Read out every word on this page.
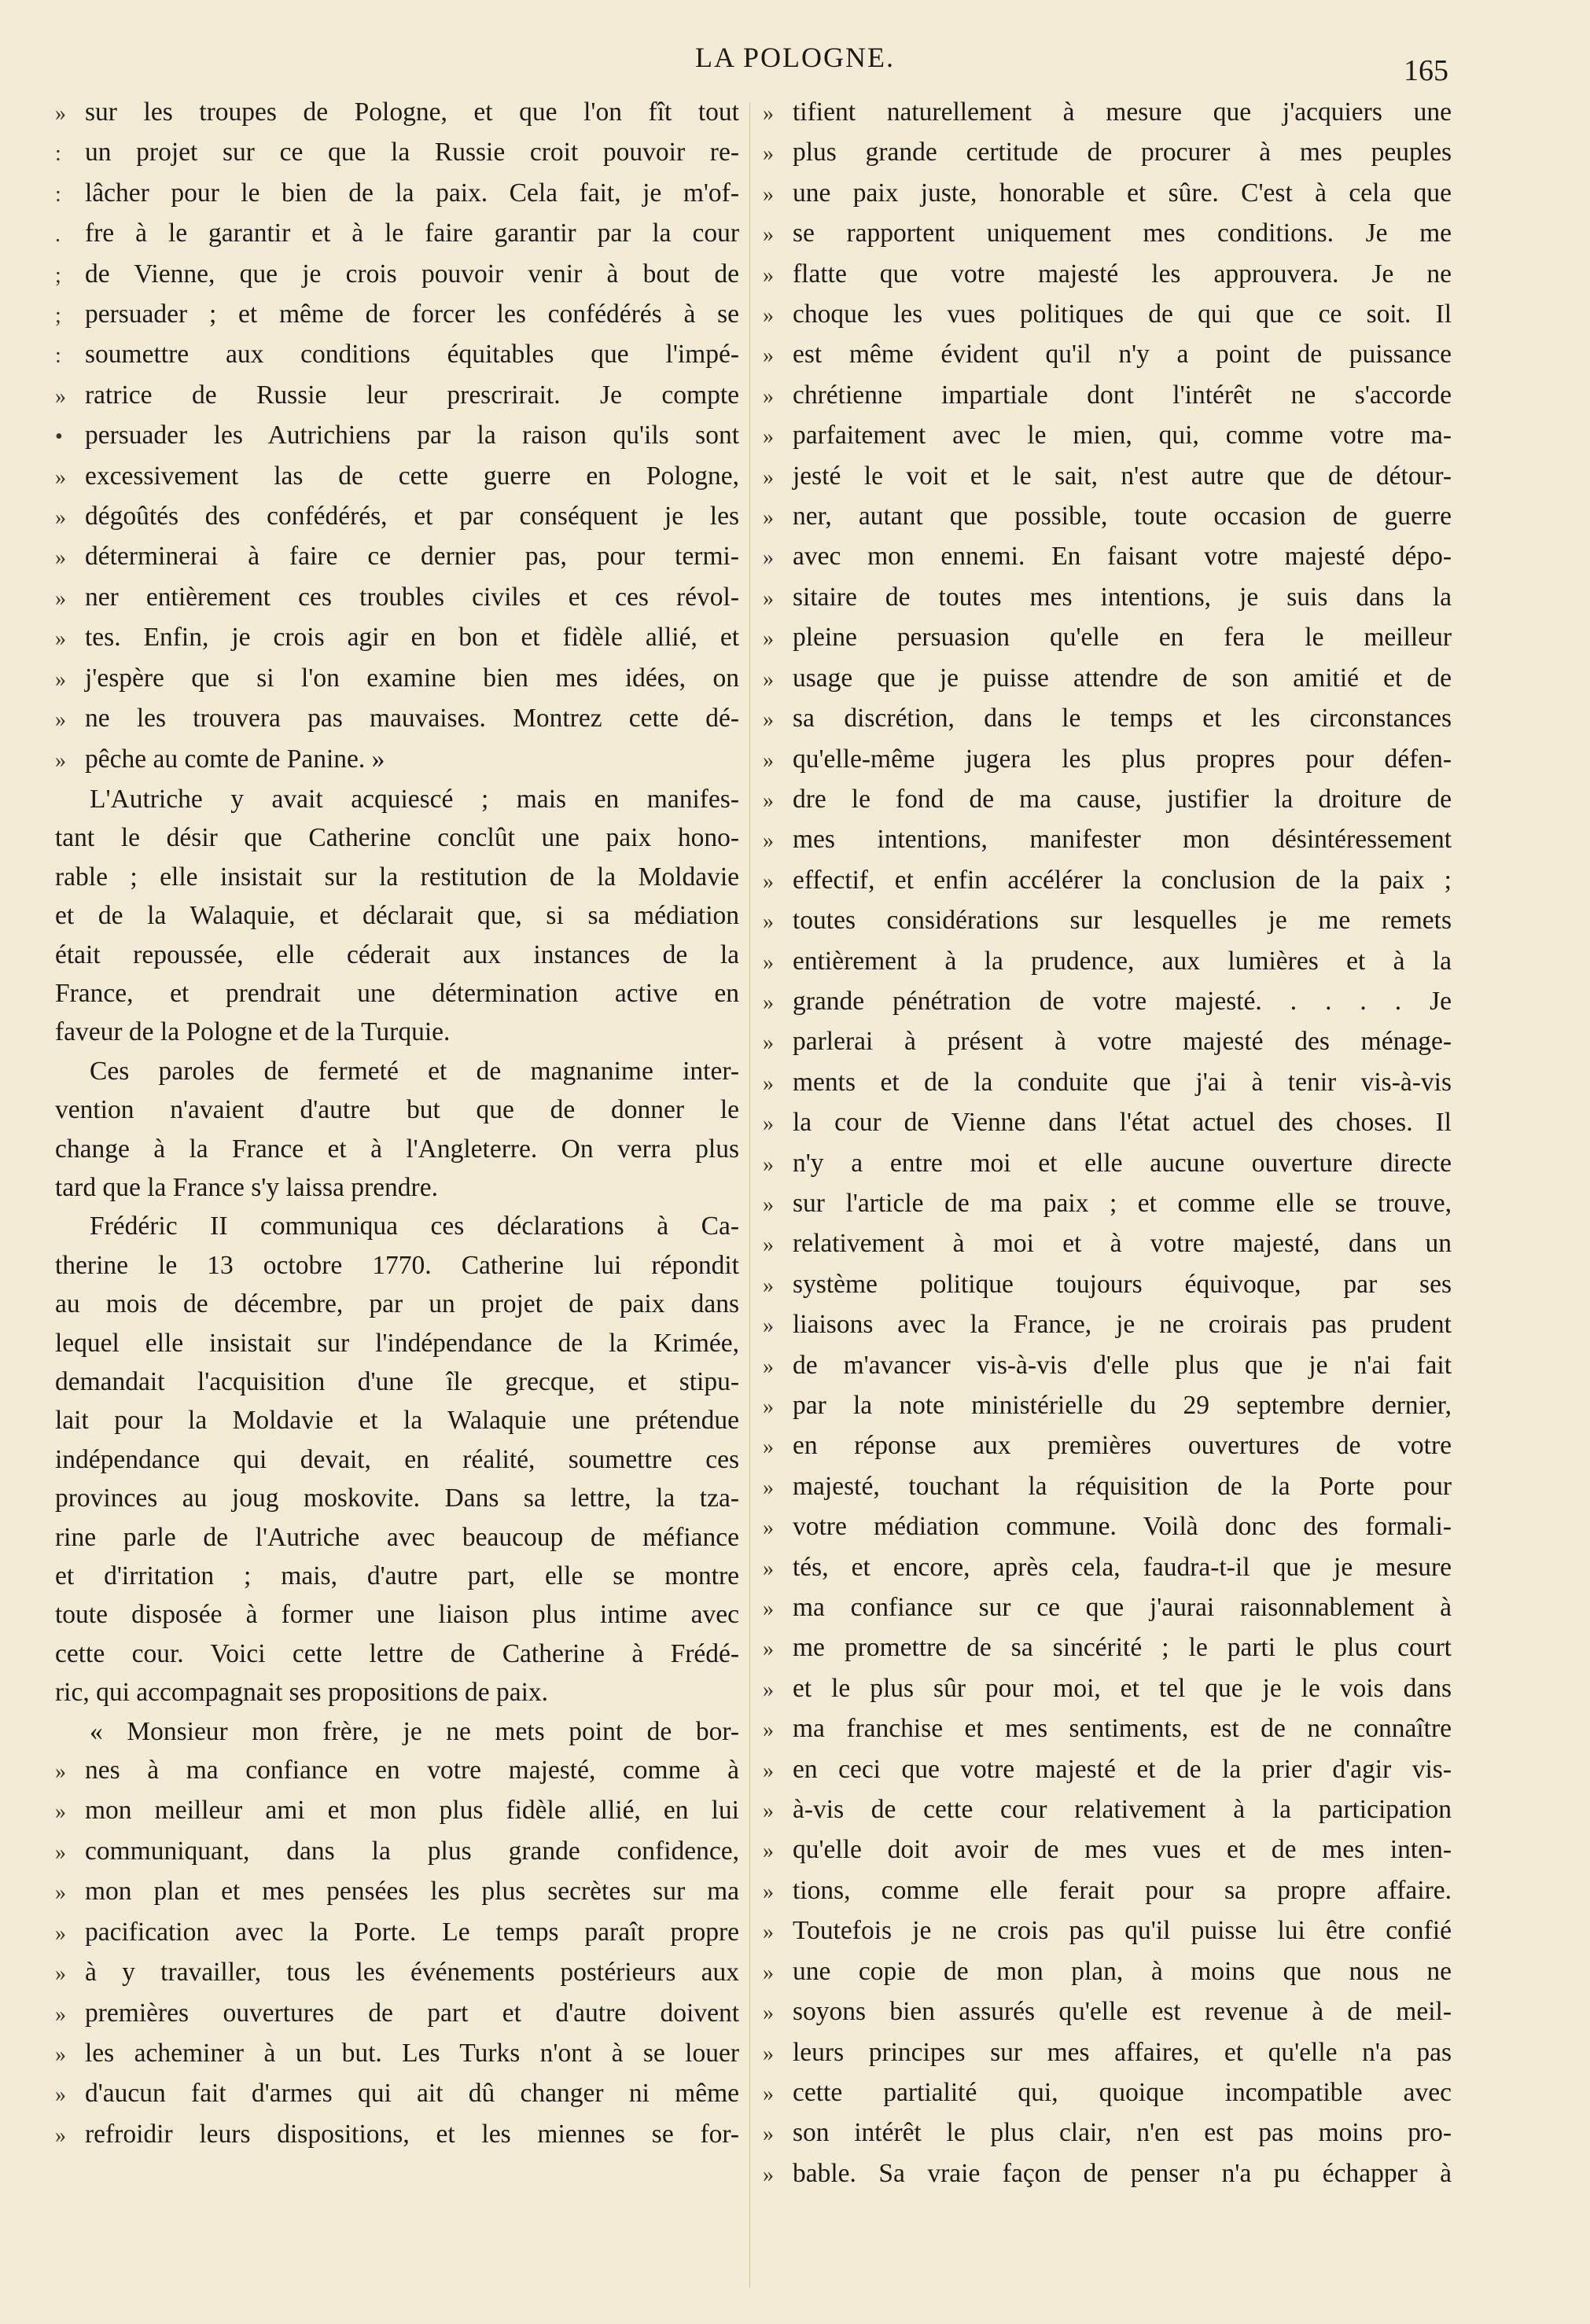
LA POLOGNE.	165
» sur les troupes de Pologne, et que l'on fît tout
: un projet sur ce que la Russie croit pouvoir re-
: lâcher pour le bien de la paix. Cela fait, je m'of-
. fre à le garantir et à le faire garantir par la cour
; de Vienne, que je crois pouvoir venir à bout de
; persuader ; et même de forcer les confédérés à se
: soumettre aux conditions équitables que l'impé-
» ratrice de Russie leur prescrirait. Je compte
• persuader les Autrichiens par la raison qu'ils sont
» excessivement las de cette guerre en Pologne,
» dégoûtés des confédérés, et par conséquent je les
» déterminerai à faire ce dernier pas, pour termi-
» ner entièrement ces troubles civiles et ces révol-
» tes. Enfin, je crois agir en bon et fidèle allié, et
» j'espère que si l'on examine bien mes idées, on
» ne les trouvera pas mauvaises. Montrez cette dé-
» pêche au comte de Panine. »
L'Autriche y avait acquiescé ; mais en manifes-
tant le désir que Catherine conclût une paix hono-
rable ; elle insistait sur la restitution de la Moldavie
et de la Walaquie, et déclarait que, si sa médiation
était repoussée, elle céderait aux instances de la
France, et prendrait une détermination active en
faveur de la Pologne et de la Turquie.
Ces paroles de fermeté et de magnanime inter-
vention n'avaient d'autre but que de donner le
change à la France et à l'Angleterre. On verra plus
tard que la France s'y laissa prendre.
Frédéric II communiqua ces déclarations à Ca-
therine le 13 octobre 1770. Catherine lui répondit
au mois de décembre, par un projet de paix dans
lequel elle insistait sur l'indépendance de la Krimée,
demandait l'acquisition d'une île grecque, et stipu-
lait pour la Moldavie et la Walaquie une prétendue
indépendance qui devait, en réalité, soumettre ces
provinces au joug moskovite. Dans sa lettre, la tza-
rine parle de l'Autriche avec beaucoup de méfiance
et d'irritation ; mais, d'autre part, elle se montre
toute disposée à former une liaison plus intime avec
cette cour. Voici cette lettre de Catherine à Frédé-
ric, qui accompagnait ses propositions de paix.
« Monsieur mon frère, je ne mets point de bor-
» nes à ma confiance en votre majesté, comme à
» mon meilleur ami et mon plus fidèle allié, en lui
» communiquant, dans la plus grande confidence,
» mon plan et mes pensées les plus secrètes sur ma
» pacification avec la Porte. Le temps paraît propre
» à y travailler, tous les événements postérieurs aux
» premières ouvertures de part et d'autre doivent
» les acheminer à un but. Les Turks n'ont à se louer
» d'aucun fait d'armes qui ait dû changer ni même
» refroidir leurs dispositions, et les miennes se for-
» tifient naturellement à mesure que j'acquiers une
» plus grande certitude de procurer à mes peuples
» une paix juste, honorable et sûre. C'est à cela que
» se rapportent uniquement mes conditions. Je me
» flatte que votre majesté les approuvera. Je ne
» choque les vues politiques de qui que ce soit. Il
» est même évident qu'il n'y a point de puissance
» chrétienne impartiale dont l'intérêt ne s'accorde
» parfaitement avec le mien, qui, comme votre ma-
» jesté le voit et le sait, n'est autre que de détour-
» ner, autant que possible, toute occasion de guerre
» avec mon ennemi. En faisant votre majesté dépo-
» sitaire de toutes mes intentions, je suis dans la
» pleine persuasion qu'elle en fera le meilleur
» usage que je puisse attendre de son amitié et de
» sa discrétion, dans le temps et les circonstances
» qu'elle-même jugera les plus propres pour défen-
» dre le fond de ma cause, justifier la droiture de
» mes intentions, manifester mon désintéressement
» effectif, et enfin accélérer la conclusion de la paix ;
» toutes considérations sur lesquelles je me remets
» entièrement à la prudence, aux lumières et à la
» grande pénétration de votre majesté. . . . . Je
» parlerai à présent à votre majesté des ménage-
» ments et de la conduite que j'ai à tenir vis-à-vis
» la cour de Vienne dans l'état actuel des choses. Il
» n'y a entre moi et elle aucune ouverture directe
» sur l'article de ma paix ; et comme elle se trouve,
» relativement à moi et à votre majesté, dans un
» système politique toujours équivoque, par ses
» liaisons avec la France, je ne croirais pas prudent
» de m'avancer vis-à-vis d'elle plus que je n'ai fait
» par la note ministérielle du 29 septembre dernier,
» en réponse aux premières ouvertures de votre
» majesté, touchant la réquisition de la Porte pour
» votre médiation commune. Voilà donc des formali-
» tés, et encore, après cela, faudra-t-il que je mesure
» ma confiance sur ce que j'aurai raisonnablement à
» me promettre de sa sincérité ; le parti le plus court
» et le plus sûr pour moi, et tel que je le vois dans
» ma franchise et mes sentiments, est de ne connaître
» en ceci que votre majesté et de la prier d'agir vis-
» à-vis de cette cour relativement à la participation
» qu'elle doit avoir de mes vues et de mes inten-
» tions, comme elle ferait pour sa propre affaire.
» Toutefois je ne crois pas qu'il puisse lui être confié
» une copie de mon plan, à moins que nous ne
» soyons bien assurés qu'elle est revenue à de meil-
» leurs principes sur mes affaires, et qu'elle n'a pas
» cette partialité qui, quoique incompatible avec
» son intérêt le plus clair, n'en est pas moins pro-
» bable. Sa vraie façon de penser n'a pu échapper à
